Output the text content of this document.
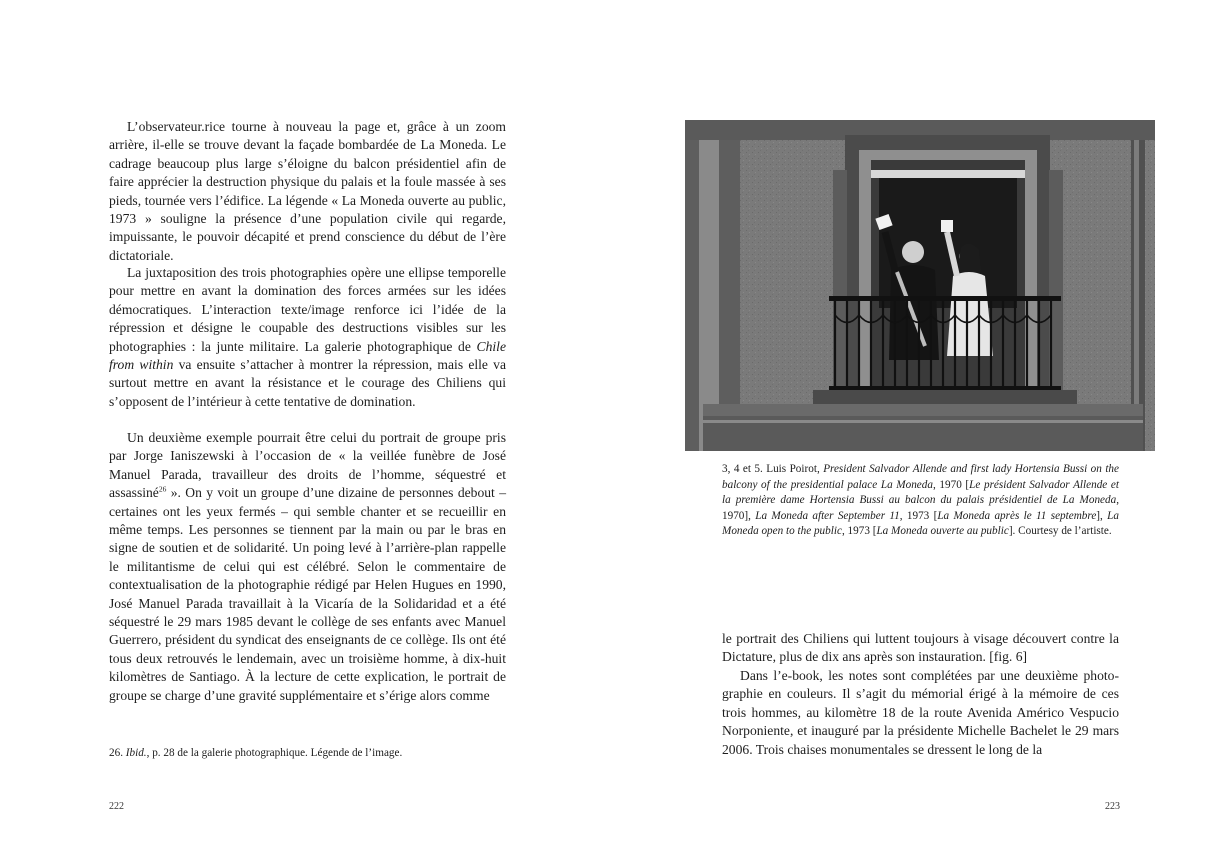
L’observateur.rice tourne à nouveau la page et, grâce à un zoom arrière, il-elle se trouve devant la façade bombardée de La Moneda. Le cadrage beaucoup plus large s’éloigne du balcon présidentiel afin de faire apprécier la destruction physique du palais et la foule massée à ses pieds, tournée vers l’édifice. La légende « La Moneda ouverte au public, 1973 » souligne la présence d’une population civile qui regarde, impuissante, le pouvoir décapité et prend conscience du début de l’ère dictatoriale.

La juxtaposition des trois photographies opère une ellipse temporelle pour mettre en avant la domination des forces armées sur les idées démocratiques. L’interaction texte/image renforce ici l’idée de la répression et désigne le coupable des destructions visibles sur les photographies : la junte militaire. La galerie photographique de Chile from within va ensuite s’attacher à montrer la répression, mais elle va surtout mettre en avant la résistance et le courage des Chiliens qui s’opposent de l’intérieur à cette tentative de domination.

Un deuxième exemple pourrait être celui du portrait de groupe pris par Jorge Ianiszewski à l’occasion de « la veillée funèbre de José Manuel Parada, travailleur des droits de l’homme, séquestré et assassiné$^{26}$ ». On y voit un groupe d’une dizaine de personnes debout – certaines ont les yeux fermés – qui semble chanter et se recueillir en même temps. Les personnes se tiennent par la main ou par le bras en signe de soutien et de solidarité. Un poing levé à l’arrière-plan rappelle le militantisme de celui qui est célébré. Selon le commentaire de contextualisation de la photographie rédigé par Helen Hugues en 1990, José Manuel Parada travaillait à la Vicaría de la Solidaridad et a été séquestré le 29 mars 1985 devant le collège de ses enfants avec Manuel Guerrero, président du syndicat des enseignants de ce collège. Ils ont été tous deux retrouvés le lendemain, avec un troisième homme, à dix-huit kilomètres de Santiago. À la lecture de cette explication, le portrait de groupe se charge d’une gravité supplémentaire et s’érige alors comme

26. Ibid., p. 28 de la galerie photographique. Légende de l’image.

222

3, 4 et 5. Luis Poirot, President Salvador Allende and first lady Hortensia Bussi on the balcony of the presidential palace La Moneda, 1970 [Le président Salvador Allende et la première dame Hortensia Bussi au balcon du palais présidentiel de La Moneda, 1970], La Moneda after September 11, 1973 [La Moneda après le 11 septembre], La Moneda open to the public, 1973 [La Moneda ouverte au public]. Courtesy de l’artiste.

le portrait des Chiliens qui luttent toujours à visage découvert contre la Dictature, plus de dix ans après son instauration. [fig. 6]

Dans l’e-book, les notes sont complétées par une deuxième photographie en couleurs. Il s’agit du mémorial érigé à la mémoire de ces trois hommes, au kilomètre 18 de la route Avenida Américo Vespucio Norponiente, et inauguré par la présidente Michelle Bachelet le 29 mars 2006. Trois chaises monumentales se dressent le long de la

223
